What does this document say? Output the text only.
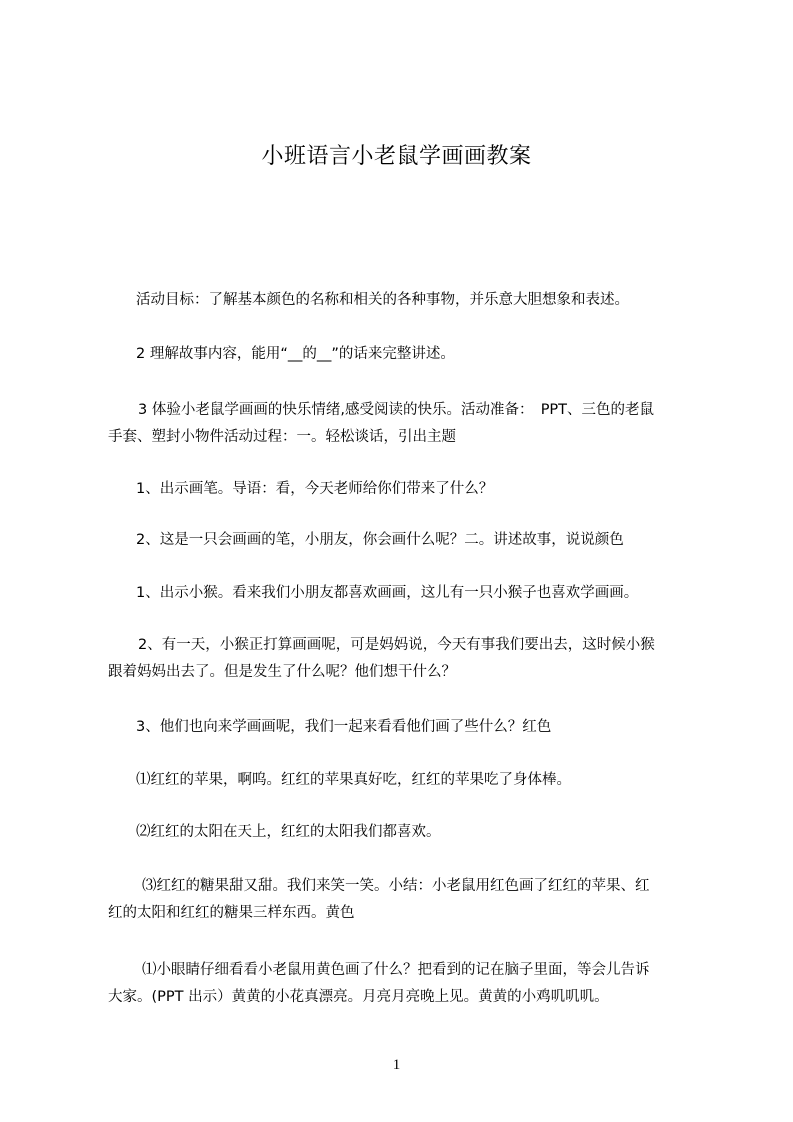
小班语言小老鼠学画画教案
活动目标：了解基本颜色的名称和相关的各种事物，并乐意大胆想象和表述。
2 理解故事内容，能用“__的__”的话来完整讲述。
3 体验小老鼠学画画的快乐情绪,感受阅读的快乐。活动准备：　PPT、三色的老鼠
手套、塑封小物件活动过程：一。轻松谈话，引出主题
1、出示画笔。导语：看，今天老师给你们带来了什么？
2、这是一只会画画的笔，小朋友，你会画什么呢？二。讲述故事，说说颜色
1、出示小猴。看来我们小朋友都喜欢画画，这儿有一只小猴子也喜欢学画画。
2、有一天，小猴正打算画画呢，可是妈妈说，今天有事我们要出去，这时候小猴
跟着妈妈出去了。但是发生了什么呢？他们想干什么？
3、他们也向来学画画呢，我们一起来看看他们画了些什么？红色
⑴红红的苹果，啊呜。红红的苹果真好吃，红红的苹果吃了身体棒。
⑵红红的太阳在天上，红红的太阳我们都喜欢。
⑶红红的糖果甜又甜。我们来笑一笑。小结：小老鼠用红色画了红红的苹果、红
红的太阳和红红的糖果三样东西。黄色
⑴小眼睛仔细看看小老鼠用黄色画了什么？把看到的记在脑子里面，等会儿告诉
大家。(PPT 出示）黄黄的小花真漂亮。月亮月亮晚上见。黄黄的小鸡叽叽叽。
1
